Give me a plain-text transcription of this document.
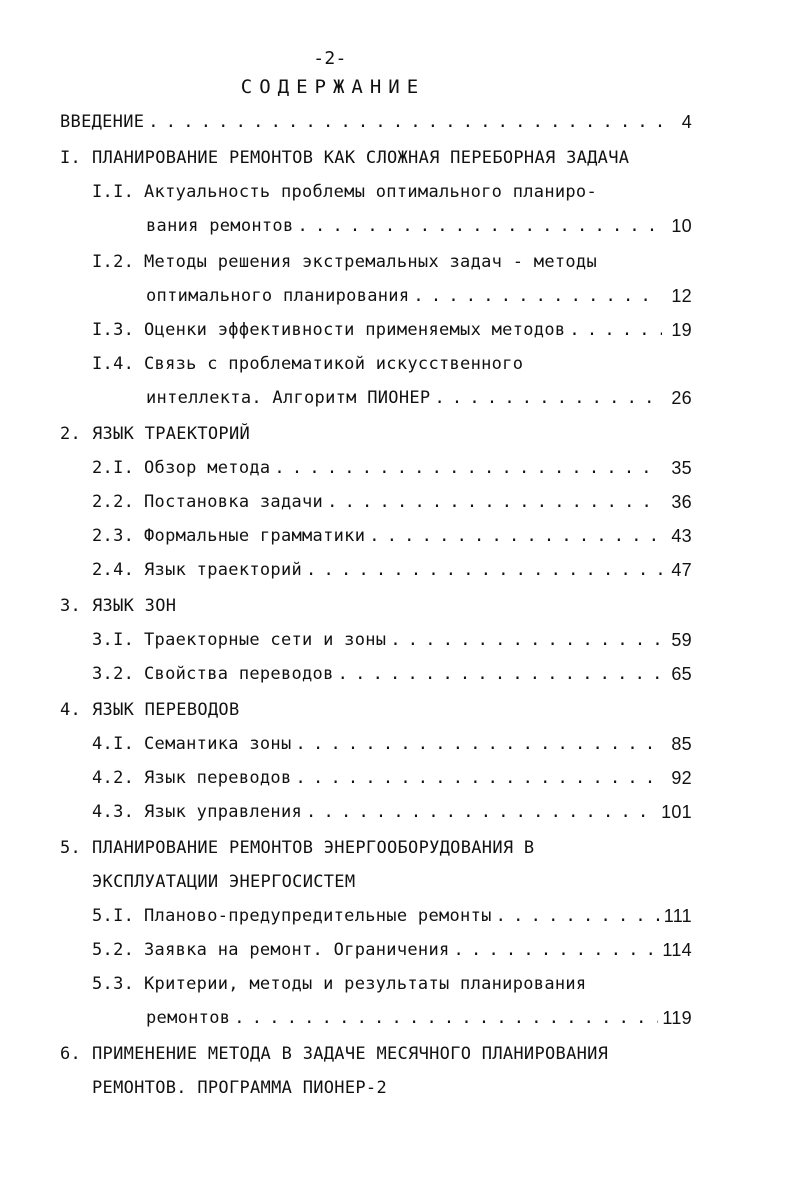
-2-
СОДЕРЖАНИЕ
ВВЕДЕНИЕ . . .	4
I. ПЛАНИРОВАНИЕ РЕМОНТОВ КАК СЛОЖНАЯ ПЕРЕБОРНАЯ ЗАДАЧА
I.I. Актуальность проблемы оптимального планиро-
вания ремонтов . . .	10
I.2. Методы решения экстремальных задач - методы
оптимального планирования . . .	12
I.3. Оценки эффективности применяемых методов . . .	19
I.4. Связь с проблематикой искусственного
интеллекта. Алгоритм ПИОНЕР . . .	26
2. ЯЗЫК ТРАЕКТОРИЙ
2.I. Обзор метода . . .	35
2.2. Постановка задачи . . .	36
2.3. Формальные грамматики . . .	43
2.4. Язык траекторий . . .	47
3. ЯЗЫК ЗОН
3.I. Траекторные сети и зоны . . .	59
3.2. Свойства переводов . . .	65
4. ЯЗЫК ПЕРЕВОДОВ
4.I. Семантика зоны . . .	85
4.2. Язык переводов . . .	92
4.3. Язык управления . . .	101
5. ПЛАНИРОВАНИЕ РЕМОНТОВ ЭНЕРГООБОРУДОВАНИЯ В
ЭКСПЛУАТАЦИИ ЭНЕРГОСИСТЕМ
5.I. Планово-предупредительные ремонты . . .	111
5.2. Заявка на ремонт. Ограничения . . .	114
5.3. Критерии, методы и результаты планирования
ремонтов . . .	119
6. ПРИМЕНЕНИЕ МЕТОДА В ЗАДАЧЕ МЕСЯЧНОГО ПЛАНИРОВАНИЯ
РЕМОНТОВ. ПРОГРАММА ПИОНЕР-2
